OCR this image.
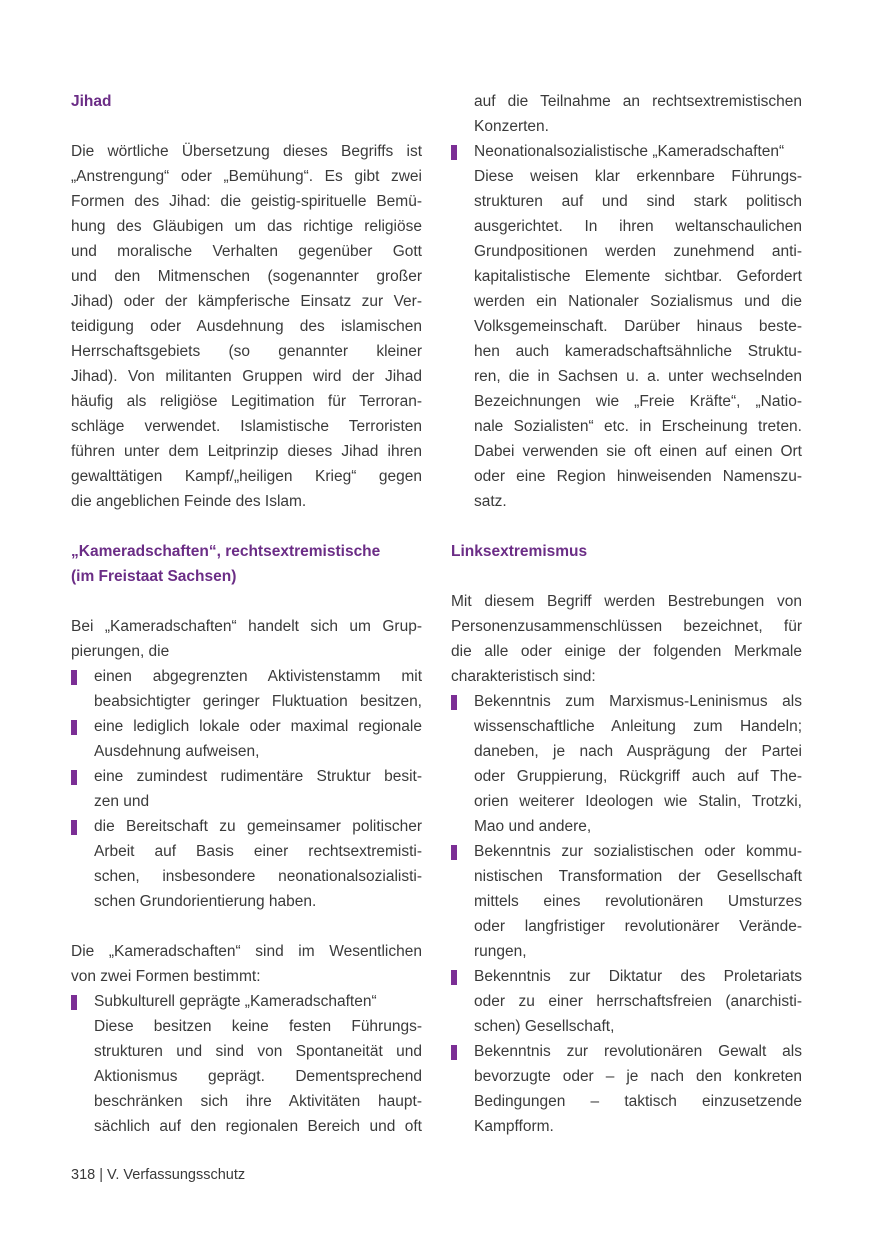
Jihad
Die wörtliche Übersetzung dieses Begriffs ist
„Anstrengung“ oder „Bemühung“. Es gibt zwei
Formen des Jihad: die geistig-spirituelle Bemü-
hung des Gläubigen um das richtige religiöse
und moralische Verhalten gegenüber Gott
und den Mitmenschen (sogenannter großer
Jihad) oder der kämpferische Einsatz zur Ver-
teidigung oder Ausdehnung des islamischen
Herrschaftsgebiets (so genannter kleiner
Jihad). Von militanten Gruppen wird der Jihad
häufig als religiöse Legitimation für Terroran-
schläge verwendet. Islamistische Terroristen
führen unter dem Leitprinzip dieses Jihad ihren
gewalttätigen Kampf/„heiligen Krieg“ gegen
die angeblichen Feinde des Islam.
„Kameradschaften“, rechtsextremistische
(im Freistaat Sachsen)
Bei „Kameradschaften“ handelt sich um Grup-
pierungen, die
einen abgegrenzten Aktivistenstamm mit
beabsichtigter geringer Fluktuation besitzen,
eine lediglich lokale oder maximal regionale
Ausdehnung aufweisen,
eine zumindest rudimentäre Struktur besit-
zen und
die Bereitschaft zu gemeinsamer politischer
Arbeit auf Basis einer rechtsextremisti-
schen, insbesondere neonationalsozialisti-
schen Grundorientierung haben.
Die „Kameradschaften“ sind im Wesentlichen
von zwei Formen bestimmt:
Subkulturell geprägte „Kameradschaften“
Diese besitzen keine festen Führungs-
strukturen und sind von Spontaneität und
Aktionismus geprägt. Dementsprechend
beschränken sich ihre Aktivitäten haupt-
sächlich auf den regionalen Bereich und oft
auf die Teilnahme an rechtsextremistischen
Konzerten.
Neonationalsozialistische „Kameradschaften“
Diese weisen klar erkennbare Führungs-
strukturen auf und sind stark politisch
ausgerichtet. In ihren weltanschaulichen
Grundpositionen werden zunehmend anti-
kapitalistische Elemente sichtbar. Gefordert
werden ein Nationaler Sozialismus und die
Volksgemeinschaft. Darüber hinaus beste-
hen auch kameradschaftsähnliche Struktu-
ren, die in Sachsen u. a. unter wechselnden
Bezeichnungen wie „Freie Kräfte“, „Natio-
nale Sozialisten“ etc. in Erscheinung treten.
Dabei verwenden sie oft einen auf einen Ort
oder eine Region hinweisenden Namenszu-
satz.
Linksextremismus
Mit diesem Begriff werden Bestrebungen von
Personenzusammenschlüssen bezeichnet, für
die alle oder einige der folgenden Merkmale
charakteristisch sind:
Bekenntnis zum Marxismus-Leninismus als
wissenschaftliche Anleitung zum Handeln;
daneben, je nach Ausprägung der Partei
oder Gruppierung, Rückgriff auch auf The-
orien weiterer Ideologen wie Stalin, Trotzki,
Mao und andere,
Bekenntnis zur sozialistischen oder kommu-
nistischen Transformation der Gesellschaft
mittels eines revolutionären Umsturzes
oder langfristiger revolutionärer Verände-
rungen,
Bekenntnis zur Diktatur des Proletariats
oder zu einer herrschaftsfreien (anarchisti-
schen) Gesellschaft,
Bekenntnis zur revolutionären Gewalt als
bevorzugte oder – je nach den konkreten
Bedingungen – taktisch einzusetzende
Kampfform.
318 | V. Verfassungsschutz
